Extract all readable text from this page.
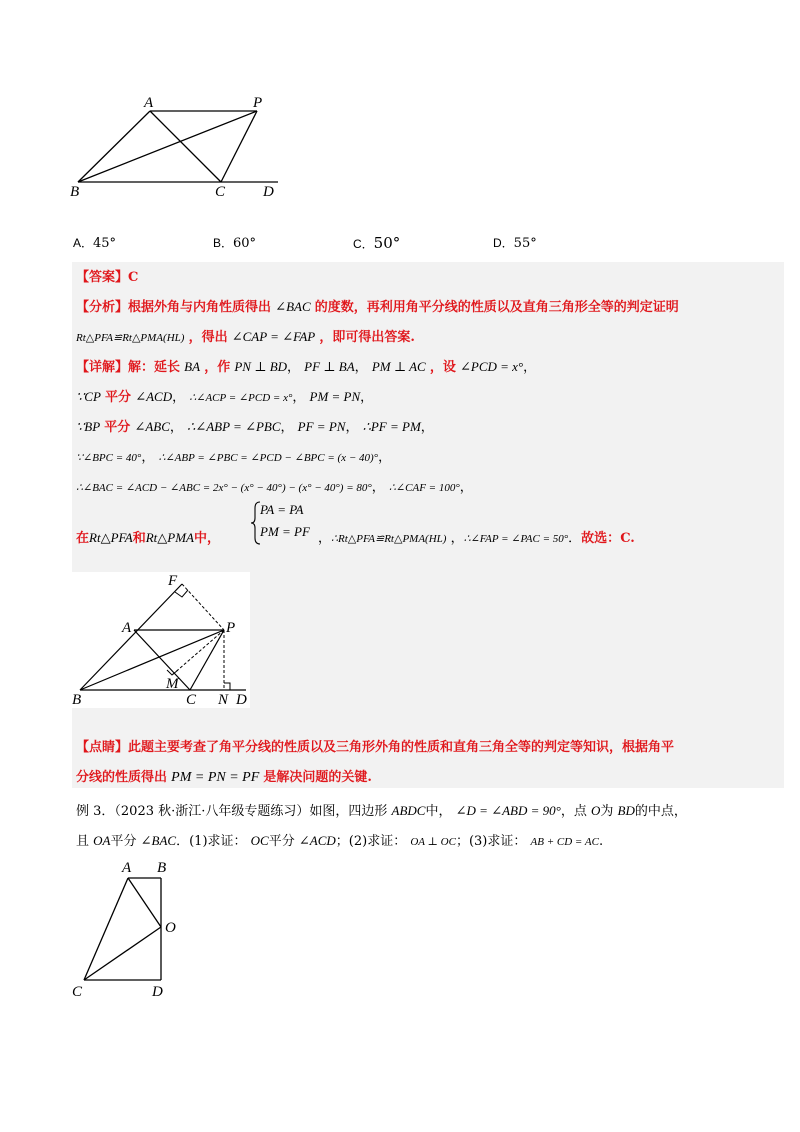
A	P
B	C	D
A．45°	B．60°	C．50°	D．55°
【答案】C
【分析】根据外角与内角性质得出 ∠BAC 的度数，再利用角平分线的性质以及直角三角形全等的判定证明
Rt△PFA≌Rt△PMA(HL) ，得出 ∠CAP = ∠FAP ，即可得出答案.
【详解】解：延长 BA ，作 PN ⊥ BD， PF ⊥ BA， PM ⊥ AC ，设 ∠PCD = x°，
∵CP 平分 ∠ACD， ∴∠ACP = ∠PCD = x°， PM = PN，
∵BP 平分 ∠ABC， ∴∠ABP = ∠PBC， PF = PN， ∴PF = PM，
∵∠BPC = 40°， ∴∠ABP = ∠PBC = ∠PCD − ∠BPC = (x − 40)°，
∴∠BAC = ∠ACD − ∠ABC = 2x° − (x° − 40°) − (x° − 40°) = 80°， ∴∠CAF = 100°，
在Rt△PFA和Rt△PMA中，
PA = PA
PM = PF ，∴Rt△PFA≌Rt△PMA(HL) ，∴∠FAP = ∠PAC = 50°．故选：C.
F
A	P
M
B	C N D
【点睛】此题主要考查了角平分线的性质以及三角形外角的性质和直角三角全等的判定等知识，根据角平
分线的性质得出 PM = PN = PF 是解决问题的关键.
例 3．（2023 秋·浙江·八年级专题练习）如图，四边形 ABDC中， ∠D = ∠ABD = 90°，点 O为 BD的中点，
且 OA平分 ∠BAC．(1)求证： OC平分 ∠ACD；(2)求证： OA ⊥ OC；(3)求证： AB + CD = AC.
A B
O
C	D
